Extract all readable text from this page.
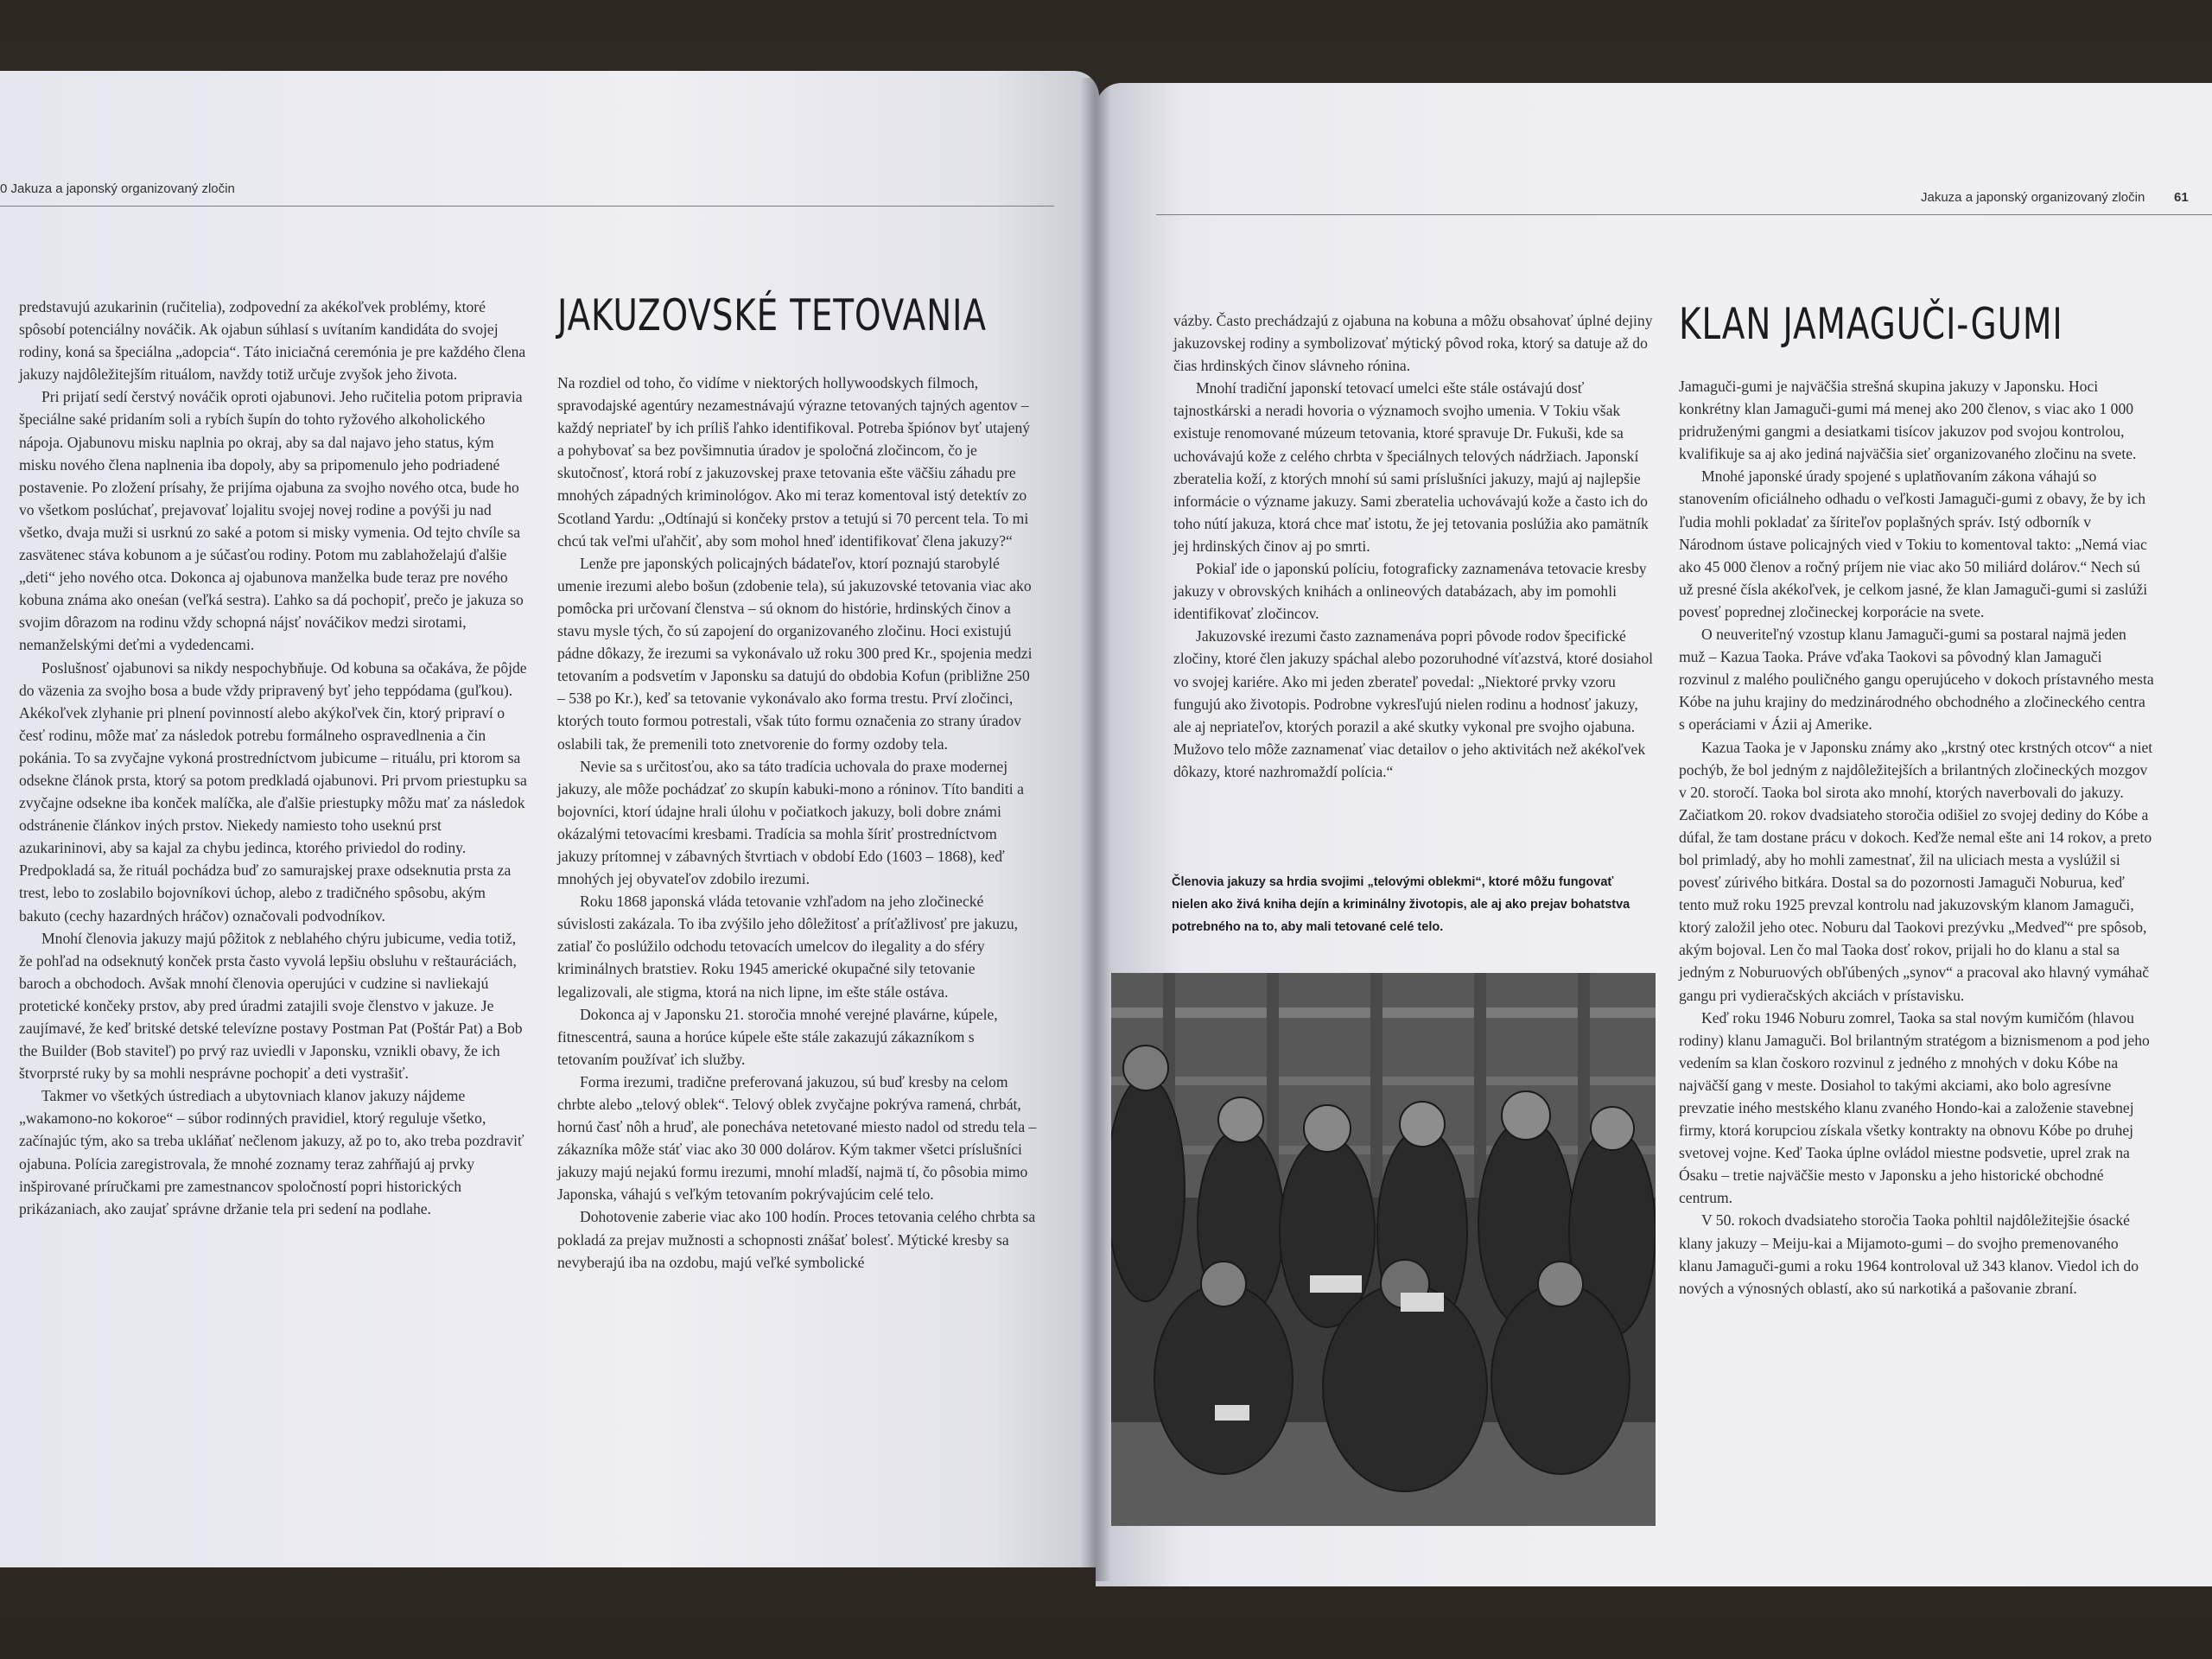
0 Jakuza a japonský organizovaný zločin

predstavujú azukarinin (ručitelia), zodpovední za akékoľvek problémy, ktoré spôsobí potenciálny nováčik. Ak ojabun súhlasí s uvítaním kandidáta do svojej rodiny, koná sa špeciálna „adopcia“. Táto iniciačná ceremónia je pre každého člena jakuzy najdôležitejším rituálom, navždy totiž určuje zvyšok jeho života.

Pri prijatí sedí čerstvý nováčik oproti ojabunovi. Jeho ručitelia potom pripravia špeciálne saké pridaním soli a rybích šupín do tohto ryžového alkoholického nápoja. Ojabunovu misku naplnia po okraj, aby sa dal najavo jeho status, kým misku nového člena naplnenia iba dopoly, aby sa pripomenulo jeho podriadené postavenie. Po zložení prísahy, že prijíma ojabuna za svojho nového otca, bude ho vo všetkom poslúchať, prejavovať lojalitu svojej novej rodine a povýši ju nad všetko, dvaja muži si usrknú zo saké a potom si misky vymenia. Od tejto chvíle sa zasvätenec stáva kobunom a je súčasťou rodiny. Potom mu zablahoželajú ďalšie „deti“ jeho nového otca. Dokonca aj ojabunova manželka bude teraz pre nového kobuna známa ako oneśan (veľká sestra). Ľahko sa dá pochopiť, prečo je jakuza so svojim dôrazom na rodinu vždy schopná nájsť nováčikov medzi sirotami, nemanželskými deťmi a vydedencami.

Poslušnosť ojabunovi sa nikdy nespochybňuje. Od kobuna sa očakáva, že pôjde do väzenia za svojho bosa a bude vždy pripravený byť jeho teppódama (guľkou). Akékoľvek zlyhanie pri plnení povinností alebo akýkoľvek čin, ktorý pripraví o česť rodinu, môže mať za následok potrebu formálneho ospravedlnenia a čin pokánia. To sa zvyčajne vykoná prostredníctvom jubicume – rituálu, pri ktorom sa odsekne článok prsta, ktorý sa potom predkladá ojabunovi. Pri prvom priestupku sa zvyčajne odsekne iba konček malíčka, ale ďalšie priestupky môžu mať za následok odstránenie článkov iných prstov. Niekedy namiesto toho useknú prst azukarininovi, aby sa kajal za chybu jedinca, ktorého priviedol do rodiny. Predpokladá sa, že rituál pochádza buď zo samurajskej praxe odseknutia prsta za trest, lebo to zoslabilo bojovníkovi úchop, alebo z tradičného spôsobu, akým bakuto (cechy hazardných hráčov) označovali podvodníkov.

Mnohí členovia jakuzy majú pôžitok z neblahého chýru jubicume, vedia totiž, že pohľad na odseknutý konček prsta často vyvolá lepšiu obsluhu v reštauráciách, baroch a obchodoch. Avšak mnohí členovia operujúci v cudzine si navliekajú protetické končeky prstov, aby pred úradmi zatajili svoje členstvo v jakuze. Je zaujímavé, že keď britské detské televízne postavy Postman Pat (Poštár Pat) a Bob the Builder (Bob staviteľ) po prvý raz uviedli v Japonsku, vznikli obavy, že ich štvorprsté ruky by sa mohli nesprávne pochopiť a deti vystrašiť.

Takmer vo všetkých ústrediach a ubytovniach klanov jakuzy nájdeme „wakamono-no kokoroe“ – súbor rodinných pravidiel, ktorý reguluje všetko, začínajúc tým, ako sa treba ukláňať nečlenom jakuzy, až po to, ako treba pozdraviť ojabuna. Polícia zaregistrovala, že mnohé zoznamy teraz zahŕňajú aj prvky inšpirované príručkami pre zamestnancov spoločností popri historických prikázaniach, ako zaujať správne držanie tela pri sedení na podlahe.

JAKUZOVSKÉ TETOVANIA

Na rozdiel od toho, čo vidíme v niektorých hollywoodskych filmoch, spravodajské agentúry nezamestnávajú výrazne tetovaných tajných agentov – každý nepriateľ by ich príliš ľahko identifikoval. Potreba špiónov byť utajený a pohybovať sa bez povšimnutia úradov je spoločná zločincom, čo je skutočnosť, ktorá robí z jakuzovskej praxe tetovania ešte väčšiu záhadu pre mnohých západných kriminológov. Ako mi teraz komentoval istý detektív zo Scotland Yardu: „Odtínajú si končeky prstov a tetujú si 70 percent tela. To mi chcú tak veľmi uľahčiť, aby som mohol hneď identifikovať člena jakuzy?“

Lenže pre japonských policajných bádateľov, ktorí poznajú starobylé umenie irezumi alebo bošun (zdobenie tela), sú jakuzovské tetovania viac ako pomôcka pri určovaní členstva – sú oknom do histórie, hrdinských činov a stavu mysle tých, čo sú zapojení do organizovaného zločinu. Hoci existujú pádne dôkazy, že irezumi sa vykonávalo už roku 300 pred Kr., spojenia medzi tetovaním a podsvetím v Japonsku sa datujú do obdobia Kofun (približne 250 – 538 po Kr.), keď sa tetovanie vykonávalo ako forma trestu. Prví zločinci, ktorých touto formou potrestali, však túto formu označenia zo strany úradov oslabili tak, že premenili toto znetvorenie do formy ozdoby tela.

Nevie sa s určitosťou, ako sa táto tradícia uchovala do praxe modernej jakuzy, ale môže pochádzať zo skupín kabuki-mono a róninov. Títo banditi a bojovníci, ktorí údajne hrali úlohu v počiatkoch jakuzy, boli dobre známi okázalými tetovacími kresbami. Tradícia sa mohla šíriť prostredníctvom jakuzy prítomnej v zábavných štvrtiach v období Edo (1603 – 1868), keď mnohých jej obyvateľov zdobilo irezumi.

Roku 1868 japonská vláda tetovanie vzhľadom na jeho zločinecké súvislosti zakázala. To iba zvýšilo jeho dôležitosť a príťažlivosť pre jakuzu, zatiaľ čo poslúžilo odchodu tetovacích umelcov do ilegality a do sféry kriminálnych bratstiev. Roku 1945 americké okupačné sily tetovanie legalizovali, ale stigma, ktorá na nich lipne, im ešte stále ostáva.

Dokonca aj v Japonsku 21. storočia mnohé verejné plavárne, kúpele, fitnescentrá, sauna a horúce kúpele ešte stále zakazujú zákazníkom s tetovaním používať ich služby.

Forma irezumi, tradične preferovaná jakuzou, sú buď kresby na celom chrbte alebo „telový oblek“. Telový oblek zvyčajne pokrýva ramená, chrbát, hornú časť nôh a hruď, ale ponecháva netetované miesto nadol od stredu tela – zákazníka môže stáť viac ako 30 000 dolárov. Kým takmer všetci príslušníci jakuzy majú nejakú formu irezumi, mnohí mladší, najmä tí, čo pôsobia mimo Japonska, váhajú s veľkým tetovaním pokrývajúcim celé telo.

Dohotovenie zaberie viac ako 100 hodín. Proces tetovania celého chrbta sa pokladá za prejav mužnosti a schopnosti znášať bolesť. Mýtické kresby sa nevyberajú iba na ozdobu, majú veľké symbolické

Jakuza a japonský organizovaný zločin 61

vázby. Často prechádzajú z ojabuna na kobuna a môžu obsahovať úplné dejiny jakuzovskej rodiny a symbolizovať mýtický pôvod roka, ktorý sa datuje až do čias hrdinských činov slávneho rónina.

Mnohí tradiční japonskí tetovací umelci ešte stále ostávajú dosť tajnostkárski a neradi hovoria o významoch svojho umenia. V Tokiu však existuje renomované múzeum tetovania, ktoré spravuje Dr. Fukuši, kde sa uchovávajú kože z celého chrbta v špeciálnych telových nádržiach. Japonskí zberatelia koží, z ktorých mnohí sú sami príslušníci jakuzy, majú aj najlepšie informácie o význame jakuzy. Sami zberatelia uchovávajú kože a často ich do toho nútí jakuza, ktorá chce mať istotu, že jej tetovania poslúžia ako pamätník jej hrdinských činov aj po smrti.

Pokiaľ ide o japonskú políciu, fotograficky zaznamenáva tetovacie kresby jakuzy v obrovských knihách a onlineových databázach, aby im pomohli identifikovať zločincov.

Jakuzovské irezumi často zaznamenáva popri pôvode rodov špecifické zločiny, ktoré člen jakuzy spáchal alebo pozoruhodné víťazstvá, ktoré dosiahol vo svojej kariére. Ako mi jeden zberateľ povedal: „Niektoré prvky vzoru fungujú ako životopis. Podrobne vykresľujú nielen rodinu a hodnosť jakuzy, ale aj nepriateľov, ktorých porazil a aké skutky vykonal pre svojho ojabuna. Mužovo telo môže zaznamenať viac detailov o jeho aktivitách než akékoľvek dôkazy, ktoré nazhromaždí polícia.“

Členovia jakuzy sa hrdia svojimi „telovými oblekmi“, ktoré môžu fungovať nielen ako živá kniha dejín a kriminálny životopis, ale aj ako prejav bohatstva potrebného na to, aby mali tetované celé telo.
KLAN JAMAGUČI-GUMI

Jamaguči-gumi je najväčšia strešná skupina jakuzy v Japonsku. Hoci konkrétny klan Jamaguči-gumi má menej ako 200 členov, s viac ako 1 000 pridruženými gangmi a desiatkami tisícov jakuzov pod svojou kontrolou, kvalifikuje sa aj ako jediná najväčšia sieť organizovaného zločinu na svete.

Mnohé japonské úrady spojené s uplatňovaním zákona váhajú so stanovením oficiálneho odhadu o veľkosti Jamaguči-gumi z obavy, že by ich ľudia mohli pokladať za šíriteľov poplašných správ. Istý odborník v Národnom ústave policajných vied v Tokiu to komentoval takto: „Nemá viac ako 45 000 členov a ročný príjem nie viac ako 50 miliárd dolárov.“ Nech sú už presné čísla akékoľvek, je celkom jasné, že klan Jamaguči-gumi si zaslúži povesť poprednej zločineckej korporácie na svete.

O neuveriteľný vzostup klanu Jamaguči-gumi sa postaral najmä jeden muž – Kazua Taoka. Práve vďaka Taokovi sa pôvodný klan Jamaguči rozvinul z malého pouličného gangu operujúceho v dokoch prístavného mesta Kóbe na juhu krajiny do medzinárodného obchodného a zločineckého centra s operáciami v Ázii aj Amerike.

Kazua Taoka je v Japonsku známy ako „krstný otec krstných otcov“ a niet pochýb, že bol jedným z najdôležitejších a brilantných zločineckých mozgov v 20. storočí. Taoka bol sirota ako mnohí, ktorých naverbovali do jakuzy. Začiatkom 20. rokov dvadsiateho storočia odišiel zo svojej dediny do Kóbe a dúfal, že tam dostane prácu v dokoch. Keďže nemal ešte ani 14 rokov, a preto bol primladý, aby ho mohli zamestnať, žil na uliciach mesta a vyslúžil si povesť zúrivého bitkára. Dostal sa do pozornosti Jamaguči Noburua, keď tento muž roku 1925 prevzal kontrolu nad jakuzovským klanom Jamaguči, ktorý založil jeho otec. Noburu dal Taokovi prezývku „Medveď“ pre spôsob, akým bojoval. Len čo mal Taoka dosť rokov, prijali ho do klanu a stal sa jedným z Noburuových obľúbených „synov“ a pracoval ako hlavný vymáhač gangu pri vydieračských akciách v prístavisku.

Keď roku 1946 Noburu zomrel, Taoka sa stal novým kumičóm (hlavou rodiny) klanu Jamaguči. Bol brilantným stratégom a biznismenom a pod jeho vedením sa klan čoskoro rozvinul z jedného z mnohých v doku Kóbe na najväčší gang v meste. Dosiahol to takými akciami, ako bolo agresívne prevzatie iného mestského klanu zvaného Hondo-kai a založenie stavebnej firmy, ktorá korupciou získala všetky kontrakty na obnovu Kóbe po druhej svetovej vojne. Keď Taoka úplne ovládol miestne podsvetie, uprel zrak na Ósaku – tretie najväčšie mesto v Japonsku a jeho historické obchodné centrum.

V 50. rokoch dvadsiateho storočia Taoka pohltil najdôležitejšie ósacké klany jakuzy – Meiju-kai a Mijamoto-gumi – do svojho premenovaného klanu Jamaguči-gumi a roku 1964 kontroloval už 343 klanov. Viedol ich do nových a výnosných oblastí, ako sú narkotiká a pašovanie zbraní.
